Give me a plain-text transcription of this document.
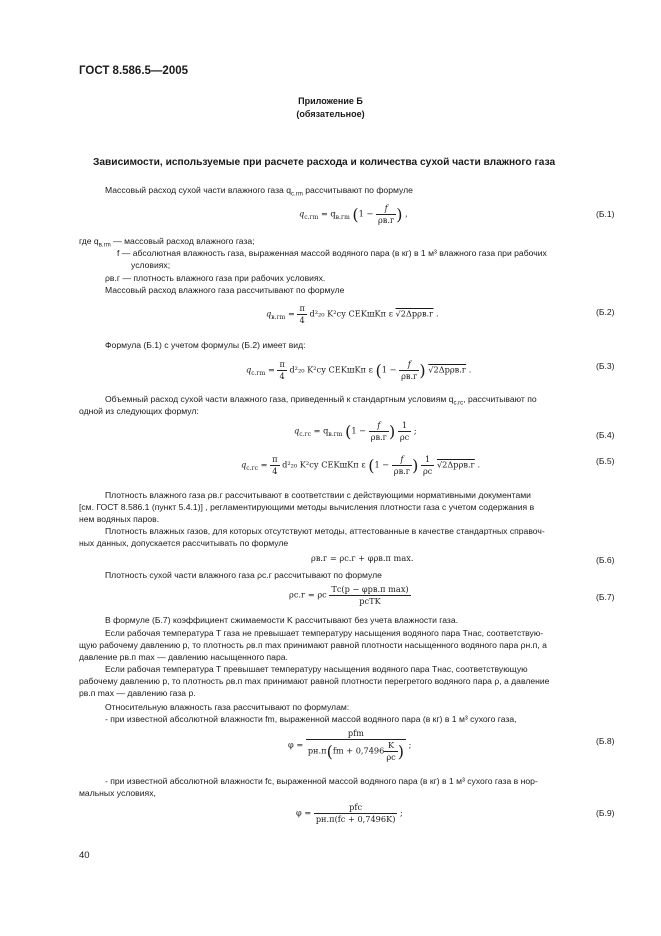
ГОСТ 8.586.5—2005
Приложение Б
(обязательное)
Зависимости, используемые при расчете расхода и количества сухой части влажного газа
Массовый расход сухой части влажного газа $q_{с.гm}$ рассчитывают по формуле
$q_{с.гm} = q_{в.гm}$ ($1 - \frac{f}{\rho в.г}$ ) ,	(Б.1)
где $q_{в.гm}$ — массовый расход влажного газа;
f — абсолютная влажность газа, выраженная массой водяного пара (в кг) в 1 м³ влажного газа при рабочих
условиях;
ρв.г — плотность влажного газа при рабочих условиях.
Массовый расход влажного газа рассчитывают по формуле
$q_{в.гm} = \frac{\pi}{4} d^2_{20}$ K²су CEKшKп ε √2Δpρв.г .	(Б.2)
Формула (Б.1) с учетом формулы (Б.2) имеет вид:
$q_{с.гm} = \frac{\pi}{4} d^2_{20}$ K²су CEKшKп ε ($1 - \frac{f}{\rho в.г}$ ) √2Δpρв.г .	(Б.3)
Объемный расход сухой части влажного газа, приведенный к стандартным условиям $q_{с.гс}$, рассчитывают по
одной из следующих формул:
$q_{с.гс} = q_{в.гm}$ ($1 - \frac{f}{\rho в.г}$ ) $\frac{1}{\rho с}$ ;	(Б.4)
$q_{с.гс} = \frac{\pi}{4} d^2_{20}$ K²су CEKшKп ε ($1 - \frac{f}{\rho в.г}$ ) $\frac{1}{\rho с} √2\Delta p\rho в.г$ .	(Б.5)
Плотность влажного газа ρв.г рассчитывают в соответствии с действующими нормативными документами
[см. ГОСТ 8.586.1 (пункт 5.4.1)] , регламентирующими методы вычисления плотности газа с учетом содержания в
нем водяных паров.
Плотность влажных газов, для которых отсутствуют методы, аттестованные в качестве стандартных справоч-
ных данных, допускается рассчитывать по формуле
ρв.г = ρс.г + φρв.п max.	(Б.6)
Плотность сухой части влажного газа ρс.г рассчитывают по формуле
ρс.г = ρс $\frac{\text{Tс(p − φpв.п max)}}{\text{pсTK}}$	(Б.7)
В формуле (Б.7) коэффициент сжимаемости K рассчитывают без учета влажности газа.
Если рабочая температура T газа не превышает температуру насыщения водяного пара Tнас, соответствую-
щую рабочему давлению p, то плотность ρв.п max принимают равной плотности насыщенного водяного пара ρн.п, а
давление pв.п max — давлению насыщенного пара.
Если рабочая температура T превышает температуру насыщения водяного пара Tнас, соответствующую
рабочему давлению p, то плотность ρв.п max принимают равной плотности перегретого водяного пара ρ, а давление
pв.п max — давлению газа p.
Относительную влажность газа рассчитывают по формулам:
- при известной абсолютной влажности fm, выраженной массой водяного пара (в кг) в 1 м³ сухого газа,
$\varphi = \frac{\text{pfm}}{pн.п(fm + 0,7496 \frac{K}{\rho с} )}$ ;	(Б.8)
- при известной абсолютной влажности fс, выраженной массой водяного пара (в кг) в 1 м³ сухого газа в нор-
мальных условиях,
$\varphi = \frac{\text{pfс}}{pн.п(fс + 0,7496K)}$ ;	(Б.9)
40
